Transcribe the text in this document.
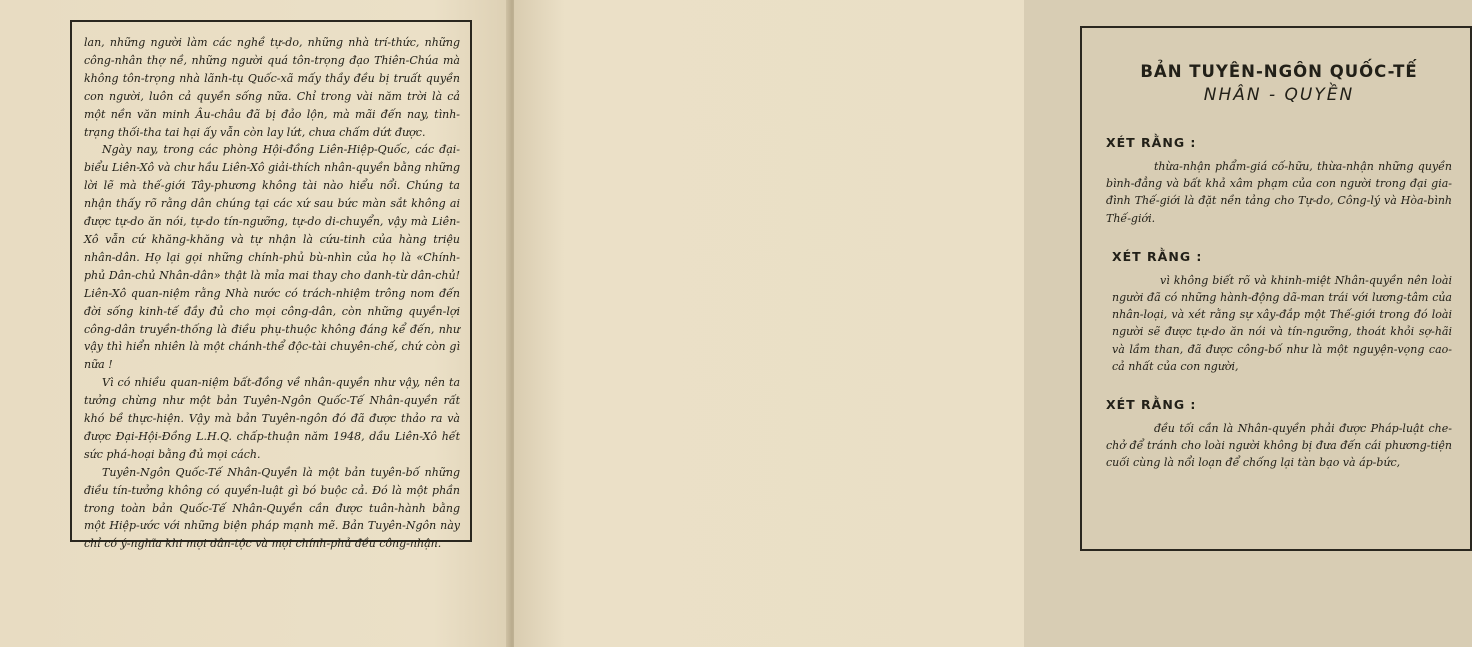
lan, những người làm các nghề tự-do, những nhà trí-thức, những công-nhân thợ nề, những người quá tôn-trọng đạo Thiên-Chúa mà không tôn-trọng nhà lãnh-tụ Quốc-xã mấy thầy đều bị truất quyền con người, luôn cả quyền sống nữa. Chỉ trong vài năm trời là cả một nền văn minh Âu-châu đã bị đảo lộn, mà mãi đến nay, tình-trạng thối-tha tai hại ấy vẫn còn lay lứt, chưa chấm dứt được.

Ngày nay, trong các phòng Hội-đồng Liên-Hiệp-Quốc, các đại-biểu Liên-Xô và chư hầu Liên-Xô giải-thích nhân-quyền bằng những lời lẽ mà thế-giới Tây-phương không tài nào hiểu nổi. Chúng ta nhận thấy rõ rằng dân chúng tại các xứ sau bức màn sắt không ai được tự-do ăn nói, tự-do tín-ngưỡng, tự-do di-chuyển, vậy mà Liên-Xô vẫn cứ khăng-khăng và tự nhận là cứu-tinh của hàng triệu nhân-dân. Họ lại gọi những chính-phủ bù-nhìn của họ là «Chính-phủ Dân-chủ Nhân-dân» thật là mỉa mai thay cho danh-từ dân-chủ! Liên-Xô quan-niệm rằng Nhà nước có trách-nhiệm trông nom đến đời sống kinh-tế đầy đủ cho mọi công-dân, còn những quyền-lợi công-dân truyền-thống là điều phụ-thuộc không đáng kể đến, như vậy thì hiển nhiên là một chánh-thể độc-tài chuyên-chế, chứ còn gì nữa !

Vì có nhiều quan-niệm bất-đồng về nhân-quyền như vậy, nên ta tưởng chừng như một bản Tuyên-Ngôn Quốc-Tế Nhân-quyền rất khó bề thực-hiện. Vậy mà bản Tuyên-ngôn đó đã được thảo ra và được Đại-Hội-Đồng L.H.Q. chấp-thuận năm 1948, dầu Liên-Xô hết sức phá-hoại bằng đủ mọi cách.

Tuyên-Ngôn Quốc-Tế Nhân-Quyền là một bản tuyên-bố những điều tín-tưởng không có quyền-luật gì bó buộc cả. Đó là một phần trong toàn bản Quốc-Tế Nhân-Quyền cần được tuân-hành bằng một Hiệp-ước với những biện pháp mạnh mẽ. Bản Tuyên-Ngôn này chỉ có ý-nghĩa khi mọi dân-tộc và mọi chính-phủ đều công-nhận.

BẢN TUYÊN-NGÔN QUỐC-TẾ
NHÂN - QUYỀN
XÉT RẰNG :

thừa-nhận phẩm-giá cố-hữu, thừa-nhận những quyền bình-đẳng và bất khả xâm phạm của con người trong đại gia-đình Thế-giới là đặt nền tảng cho Tự-do, Công-lý và Hòa-bình Thế-giới.

XÉT RẰNG :

vì không biết rõ và khinh-miệt Nhân-quyền nên loài người đã có những hành-động dã-man trái với lương-tâm của nhân-loại, và xét rằng sự xây-đắp một Thế-giới trong đó loài người sẽ được tự-do ăn nói và tín-ngưỡng, thoát khỏi sợ-hãi và lầm than, đã được công-bố như là một nguyện-vọng cao-cả nhất của con người,

XÉT RẰNG :

đều tối cần là Nhân-quyền phải được Pháp-luật che-chở để tránh cho loài người không bị đưa đến cái phương-tiện cuối cùng là nổi loạn để chống lại tàn bạo và áp-bức,
